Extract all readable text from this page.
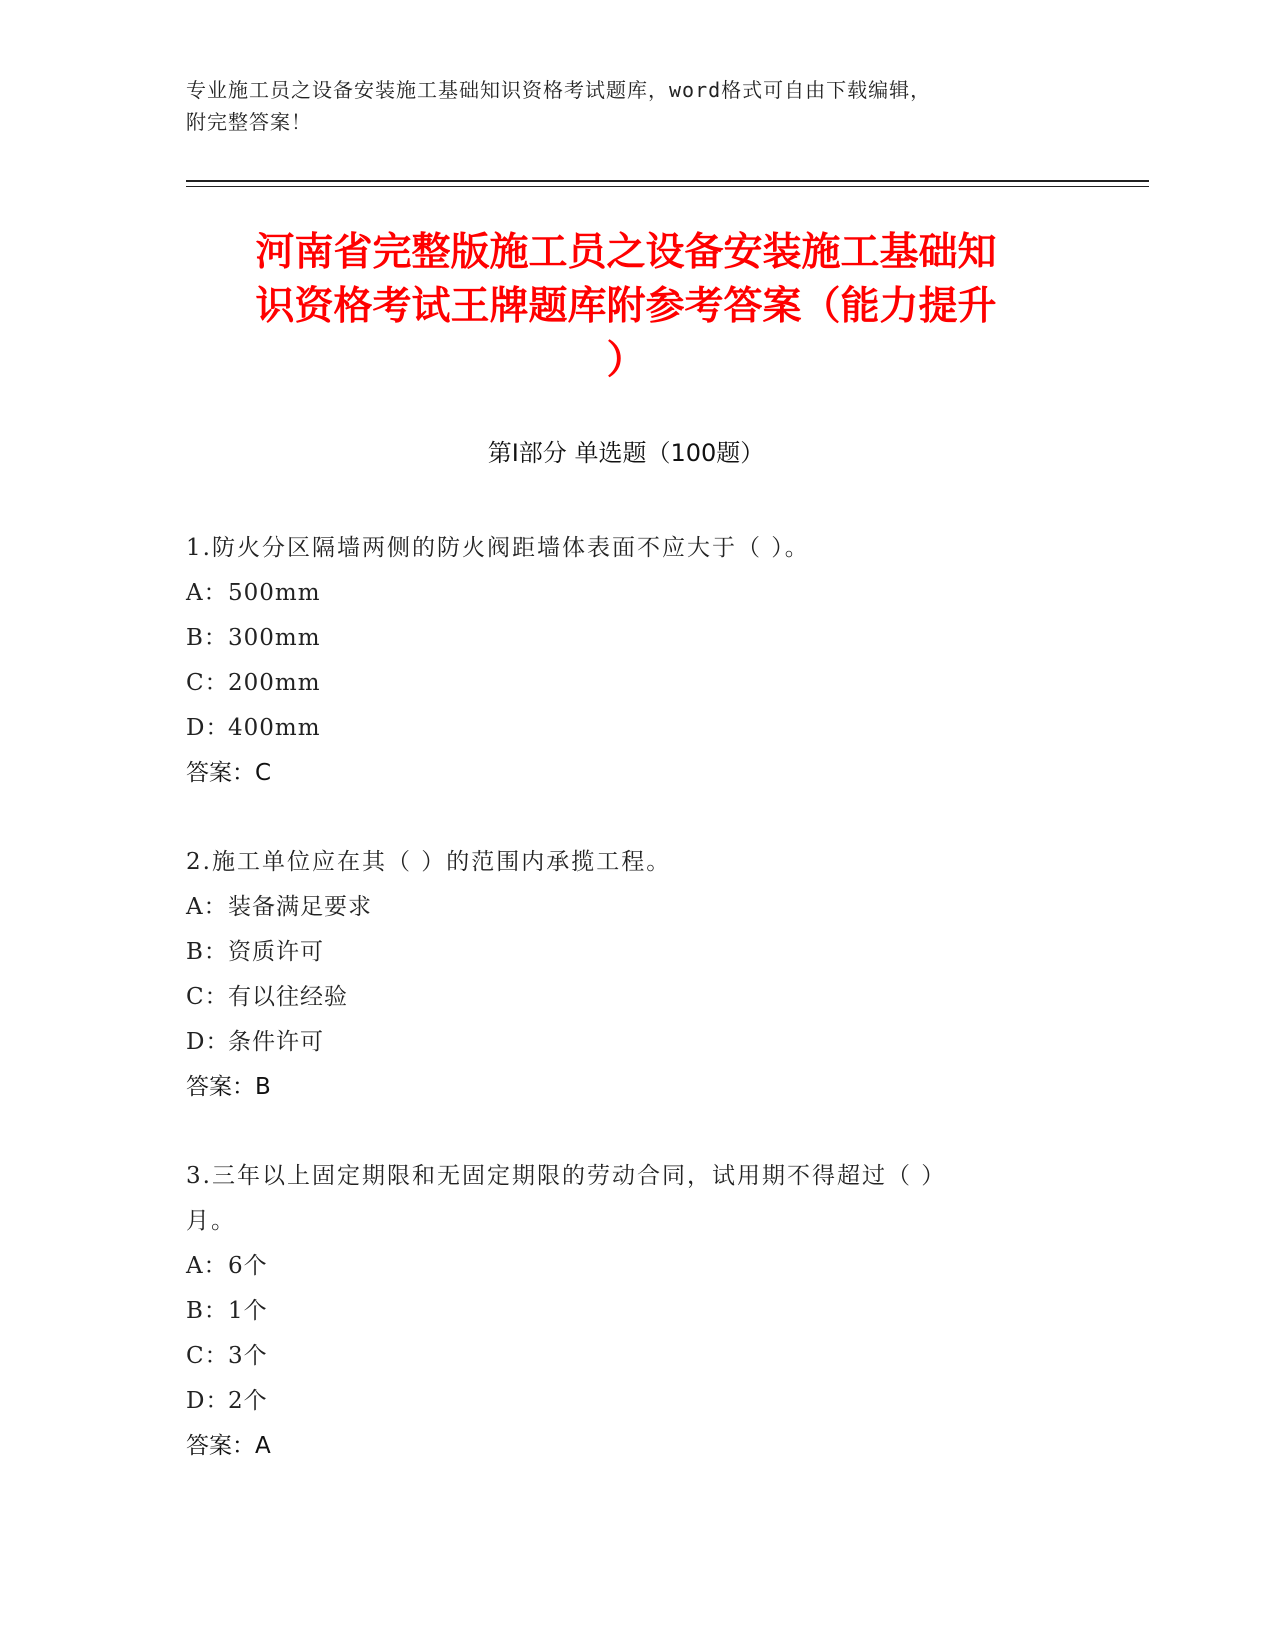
专业施工员之设备安装施工基础知识资格考试题库，word格式可自由下载编辑，
附完整答案！
河南省完整版施工员之设备安装施工基础知
识资格考试王牌题库附参考答案（能力提升
）
第Ⅰ部分 单选题（100题）
1.防火分区隔墙两侧的防火阀距墙体表面不应大于（ ）。
A：500mm
B：300mm
C：200mm
D：400mm
答案：C
2.施工单位应在其（ ）的范围内承揽工程。
A：装备满足要求
B：资质许可
C：有以往经验
D：条件许可
答案：B
3.三年以上固定期限和无固定期限的劳动合同，试用期不得超过（ ）
月。
A：6个
B：1个
C：3个
D：2个
答案：A
